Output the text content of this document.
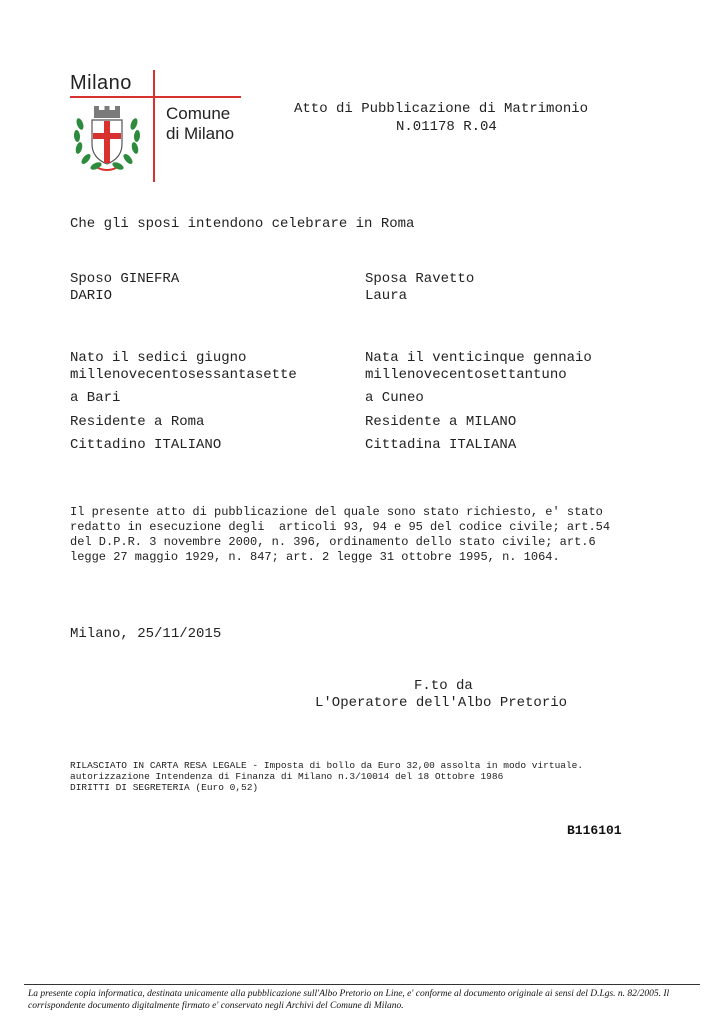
Milano
Comune
di Milano
Atto di Pubblicazione di Matrimonio
N.01178 R.04
Che gli sposi intendono celebrare in Roma
Sposo GINEFRA
DARIO
Nato il sedici giugno
millenovecentosessantasette
a Bari
Residente a Roma
Cittadino ITALIANO
Sposa Ravetto
Laura
Nata il venticinque gennaio
millenovecentosettantuno
a Cuneo
Residente a MILANO
Cittadina ITALIANA
Il presente atto di pubblicazione del quale sono stato richiesto, e' stato
redatto in esecuzione degli  articoli 93, 94 e 95 del codice civile; art.54
del D.P.R. 3 novembre 2000, n. 396, ordinamento dello stato civile; art.6
legge 27 maggio 1929, n. 847; art. 2 legge 31 ottobre 1995, n. 1064.
Milano, 25/11/2015
F.to da
L'Operatore dell'Albo Pretorio
RILASCIATO IN CARTA RESA LEGALE - Imposta di bollo da Euro 32,00 assolta in modo virtuale.
autorizzazione Intendenza di Finanza di Milano n.3/10014 del 18 Ottobre 1986
DIRITTI DI SEGRETERIA (Euro 0,52)
B116101
La presente copia informatica, destinata unicamente alla pubblicazione sull'Albo Pretorio on Line, e' conforme al documento originale ai sensi del D.Lgs. n. 82/2005. Il corrispondente documento digitalmente firmato e' conservato negli Archivi del Comune di Milano.
